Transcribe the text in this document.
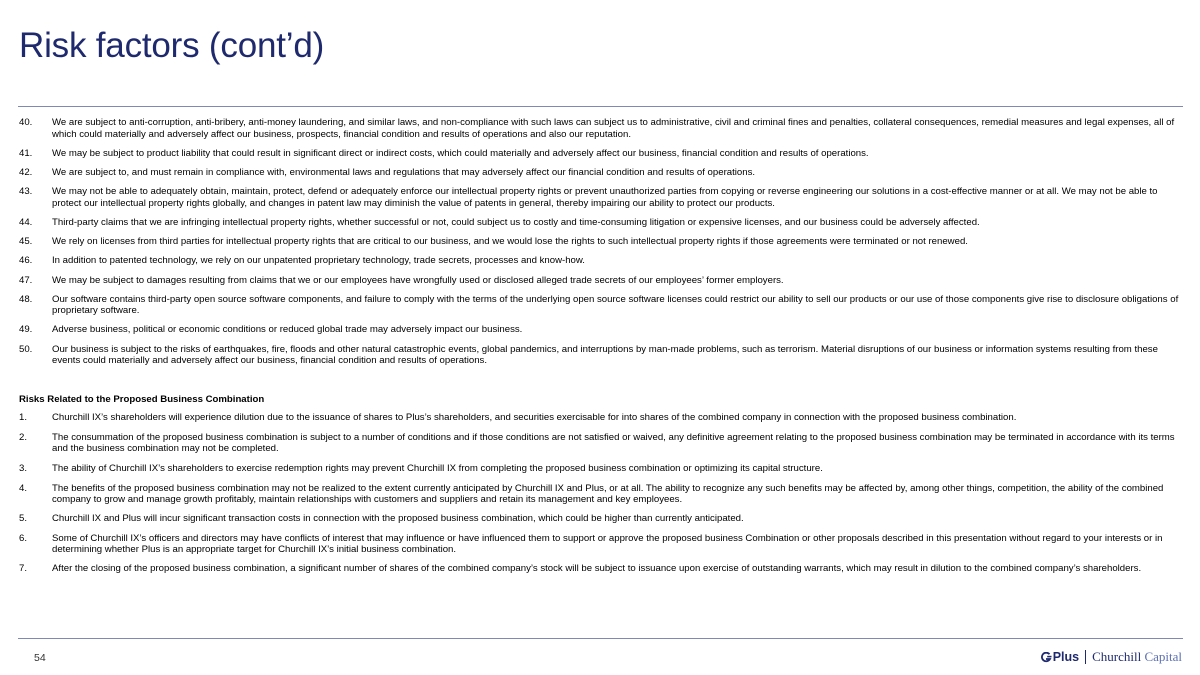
Risk factors (cont’d)
40.	We are subject to anti-corruption, anti-bribery, anti-money laundering, and similar laws, and non-compliance with such laws can subject us to administrative, civil and criminal fines and penalties, collateral consequences, remedial measures and legal expenses, all of which could materially and adversely affect our business, prospects, financial condition and results of operations and also our reputation.
41.	We may be subject to product liability that could result in significant direct or indirect costs, which could materially and adversely affect our business, financial condition and results of operations.
42.	We are subject to, and must remain in compliance with, environmental laws and regulations that may adversely affect our financial condition and results of operations.
43.	We may not be able to adequately obtain, maintain, protect, defend or adequately enforce our intellectual property rights or prevent unauthorized parties from copying or reverse engineering our solutions in a cost-effective manner or at all. We may not be able to protect our intellectual property rights globally, and changes in patent law may diminish the value of patents in general, thereby impairing our ability to protect our products.
44.	Third-party claims that we are infringing intellectual property rights, whether successful or not, could subject us to costly and time-consuming litigation or expensive licenses, and our business could be adversely affected.
45.	We rely on licenses from third parties for intellectual property rights that are critical to our business, and we would lose the rights to such intellectual property rights if those agreements were terminated or not renewed.
46.	In addition to patented technology, we rely on our unpatented proprietary technology, trade secrets, processes and know-how.
47.	We may be subject to damages resulting from claims that we or our employees have wrongfully used or disclosed alleged trade secrets of our employees’ former employers.
48.	Our software contains third-party open source software components, and failure to comply with the terms of the underlying open source software licenses could restrict our ability to sell our products or our use of those components give rise to disclosure obligations of proprietary software.
49.	Adverse business, political or economic conditions or reduced global trade may adversely impact our business.
50.	Our business is subject to the risks of earthquakes, fire, floods and other natural catastrophic events, global pandemics, and interruptions by man-made problems, such as terrorism. Material disruptions of our business or information systems resulting from these events could materially and adversely affect our business, financial condition and results of operations.
Risks Related to the Proposed Business Combination
1.	Churchill IX’s shareholders will experience dilution due to the issuance of shares to Plus’s shareholders, and securities exercisable for into shares of the combined company in connection with the proposed business combination.
2.	The consummation of the proposed business combination is subject to a number of conditions and if those conditions are not satisfied or waived, any definitive agreement relating to the proposed business combination may be terminated in accordance with its terms and the business combination may not be completed.
3.	The ability of Churchill IX’s shareholders to exercise redemption rights may prevent Churchill IX from completing the proposed business combination or optimizing its capital structure.
4.	The benefits of the proposed business combination may not be realized to the extent currently anticipated by Churchill IX and Plus, or at all. The ability to recognize any such benefits may be affected by, among other things, competition, the ability of the combined company to grow and manage growth profitably, maintain relationships with customers and suppliers and retain its management and key employees.
5.	Churchill IX and Plus will incur significant transaction costs in connection with the proposed business combination, which could be higher than currently anticipated.
6.	Some of Churchill IX’s officers and directors may have conflicts of interest that may influence or have influenced them to support or approve the proposed business Combination or other proposals described in this presentation without regard to your interests or in determining whether Plus is an appropriate target for Churchill IX’s initial business combination.
7.	After the closing of the proposed business combination, a significant number of shares of the combined company’s stock will be subject to issuance upon exercise of outstanding warrants, which may result in dilution to the combined company’s shareholders.
54	Plus Churchill Capital
